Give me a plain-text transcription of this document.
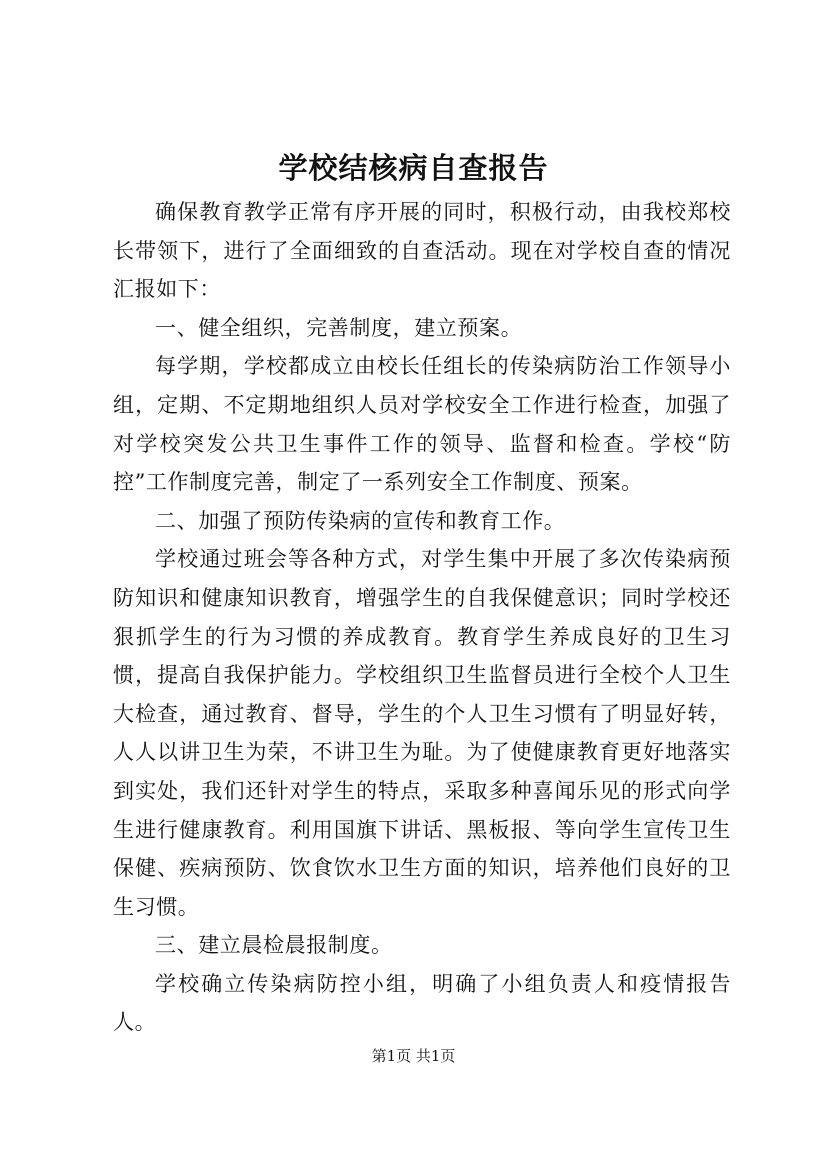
学校结核病自查报告

确保教育教学正常有序开展的同时，积极行动，由我校郑校长带领下，进行了全面细致的自查活动。现在对学校自查的情况汇报如下：

一、健全组织，完善制度，建立预案。

每学期，学校都成立由校长任组长的传染病防治工作领导小组，定期、不定期地组织人员对学校安全工作进行检查，加强了对学校突发公共卫生事件工作的领导、监督和检查。学校“防控”工作制度完善，制定了一系列安全工作制度、预案。

二、加强了预防传染病的宣传和教育工作。

学校通过班会等各种方式，对学生集中开展了多次传染病预防知识和健康知识教育，增强学生的自我保健意识；同时学校还狠抓学生的行为习惯的养成教育。教育学生养成良好的卫生习惯，提高自我保护能力。学校组织卫生监督员进行全校个人卫生大检查，通过教育、督导，学生的个人卫生习惯有了明显好转，人人以讲卫生为荣，不讲卫生为耻。为了使健康教育更好地落实到实处，我们还针对学生的特点，采取多种喜闻乐见的形式向学生进行健康教育。利用国旗下讲话、黑板报、等向学生宣传卫生保健、疾病预防、饮食饮水卫生方面的知识，培养他们良好的卫生习惯。

三、建立晨检晨报制度。

学校确立传染病防控小组，明确了小组负责人和疫情报告人。

第1页 共1页
